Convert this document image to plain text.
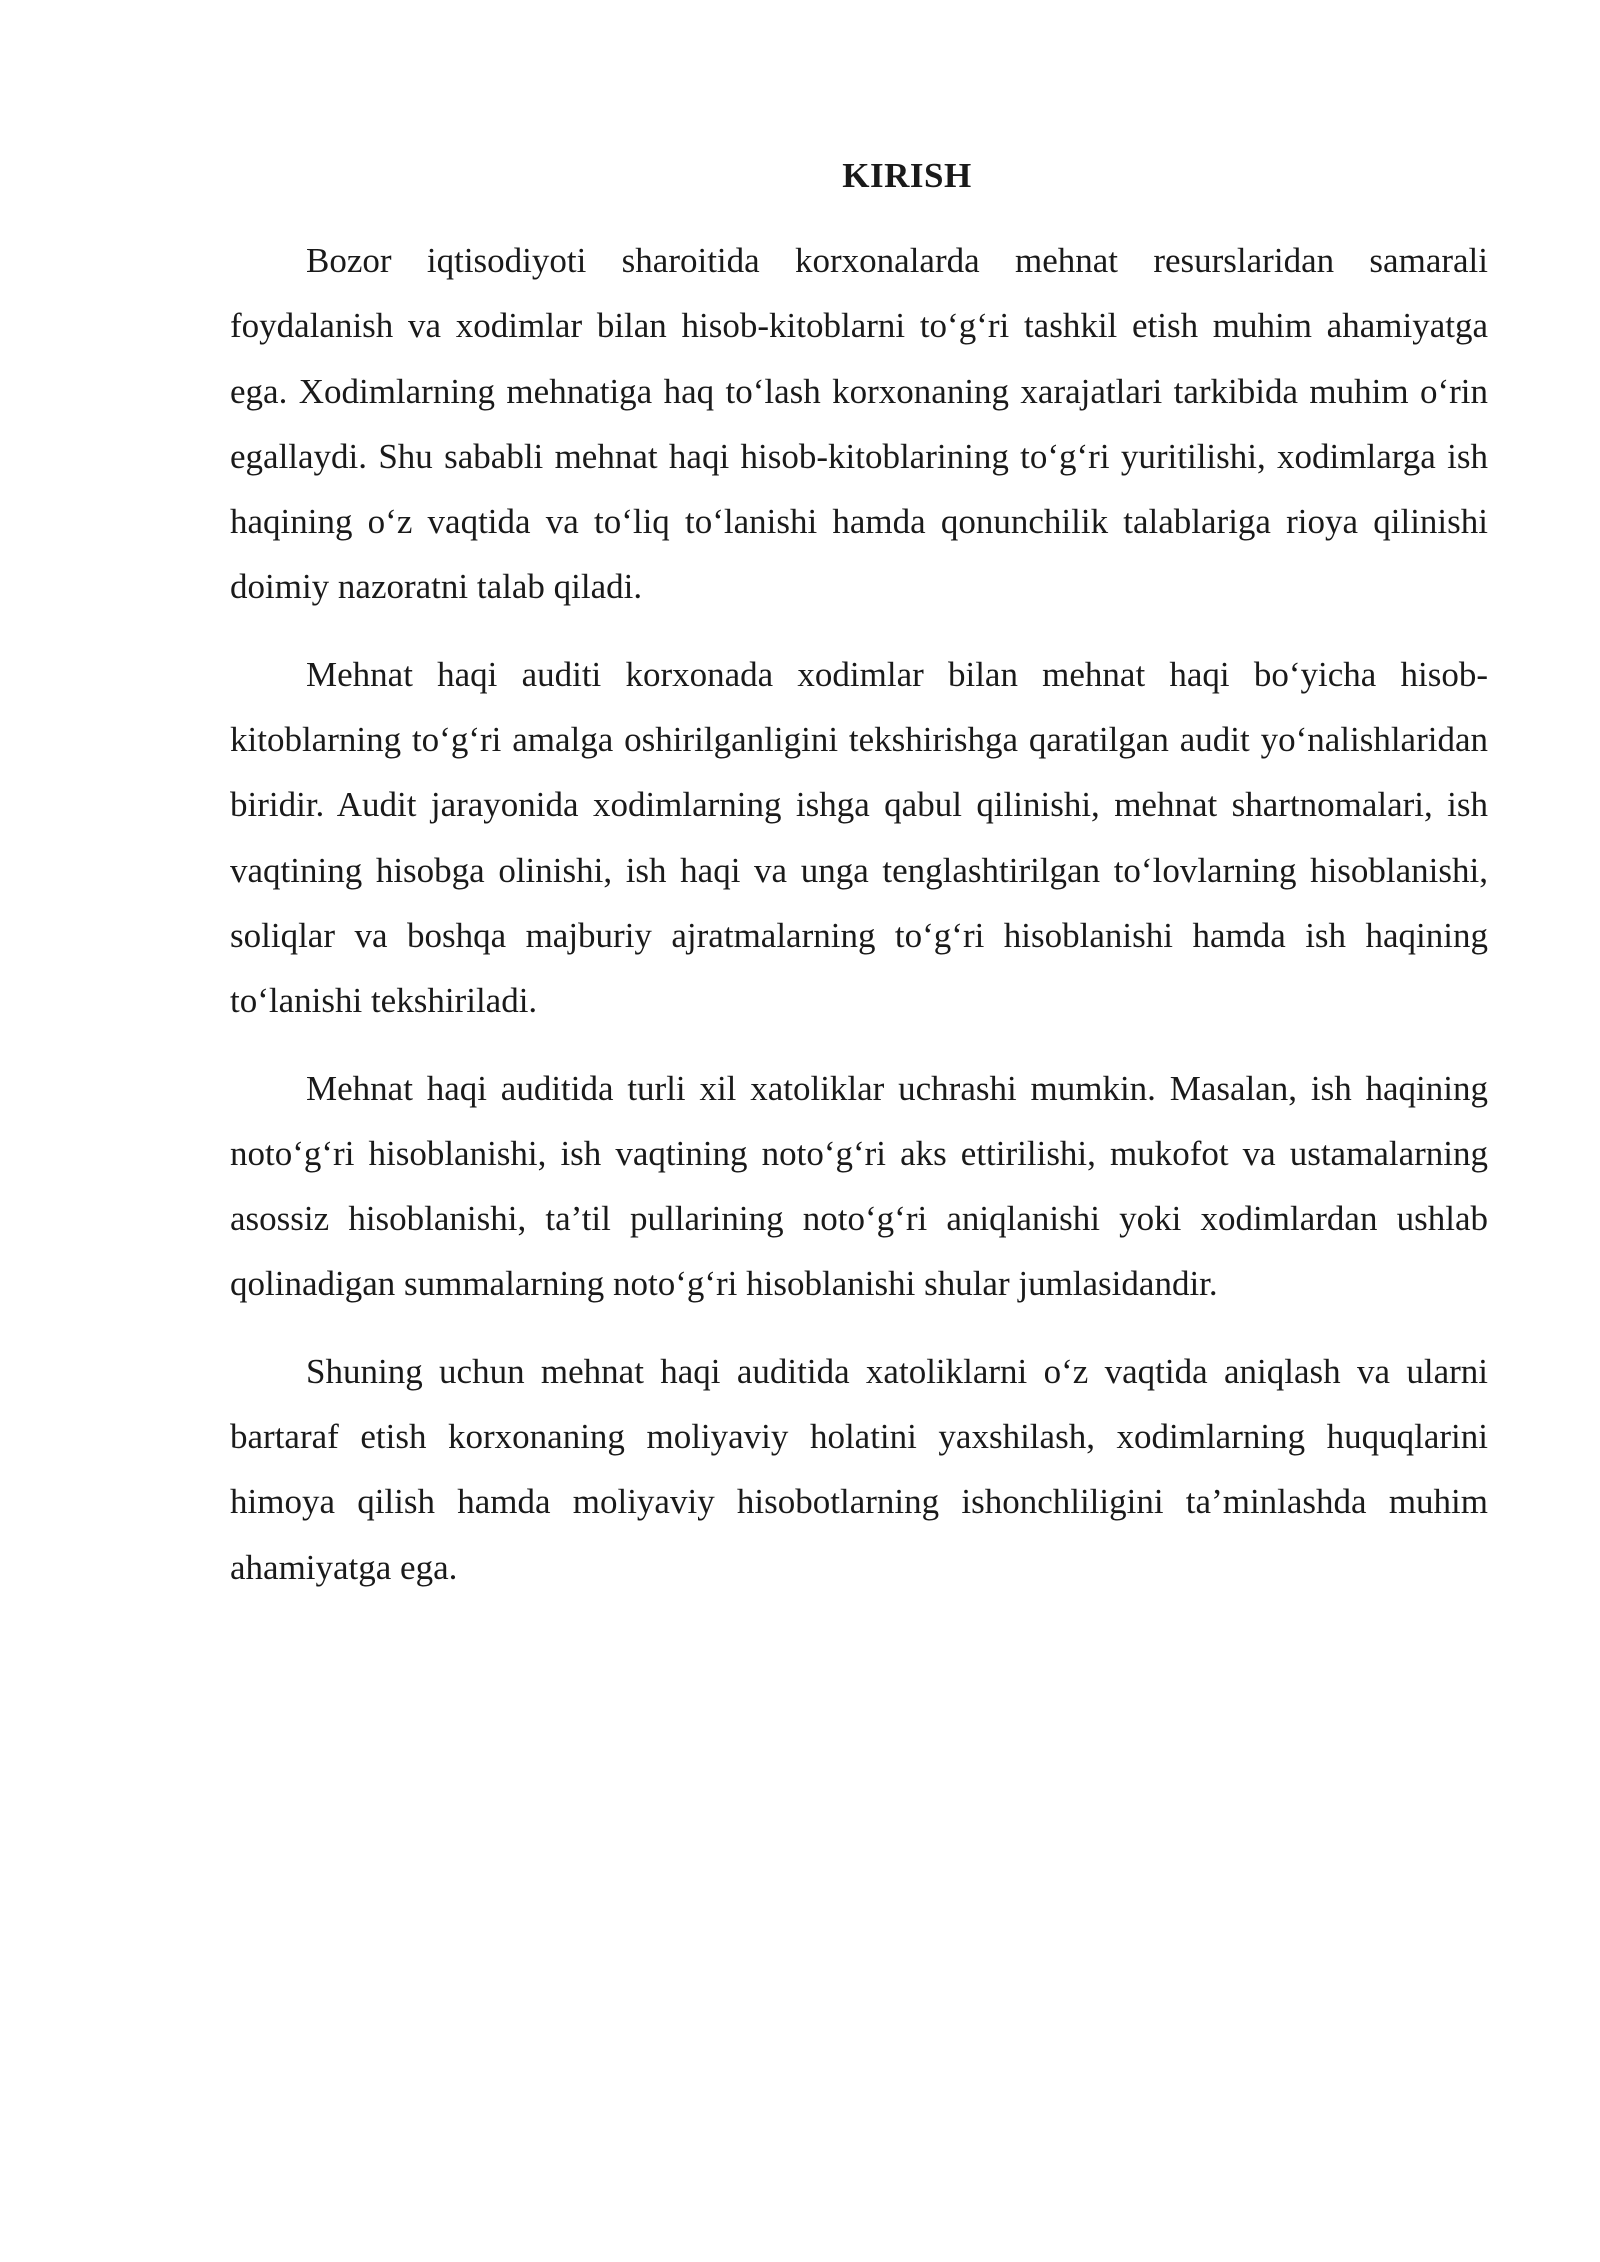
KIRISH

Bozor iqtisodiyoti sharoitida korxonalarda mehnat resurslaridan samarali foydalanish va xodimlar bilan hisob-kitoblarni to‘g‘ri tashkil etish muhim ahamiyatga ega. Xodimlarning mehnatiga haq to‘lash korxonaning xarajatlari tarkibida muhim o‘rin egallaydi. Shu sababli mehnat haqi hisob-kitoblarining to‘g‘ri yuritilishi, xodimlarga ish haqining o‘z vaqtida va to‘liq to‘lanishi hamda qonunchilik talablariga rioya qilinishi doimiy nazoratni talab qiladi.

Mehnat haqi auditi korxonada xodimlar bilan mehnat haqi bo‘yicha hisob-kitoblarning to‘g‘ri amalga oshirilganligini tekshirishga qaratilgan audit yo‘nalishlaridan biridir. Audit jarayonida xodimlarning ishga qabul qilinishi, mehnat shartnomalari, ish vaqtining hisobga olinishi, ish haqi va unga tenglashtirilgan to‘lovlarning hisoblanishi, soliqlar va boshqa majburiy ajratmalarning to‘g‘ri hisoblanishi hamda ish haqining to‘lanishi tekshiriladi.

Mehnat haqi auditida turli xil xatoliklar uchrashi mumkin. Masalan, ish haqining noto‘g‘ri hisoblanishi, ish vaqtining noto‘g‘ri aks ettirilishi, mukofot va ustamalarning asossiz hisoblanishi, ta’til pullarining noto‘g‘ri aniqlanishi yoki xodimlardan ushlab qolinadigan summalarning noto‘g‘ri hisoblanishi shular jumlasidandir.

Shuning uchun mehnat haqi auditida xatoliklarni o‘z vaqtida aniqlash va ularni bartaraf etish korxonaning moliyaviy holatini yaxshilash, xodimlarning huquqlarini himoya qilish hamda moliyaviy hisobotlarning ishonchliligini ta’minlashda muhim ahamiyatga ega.
